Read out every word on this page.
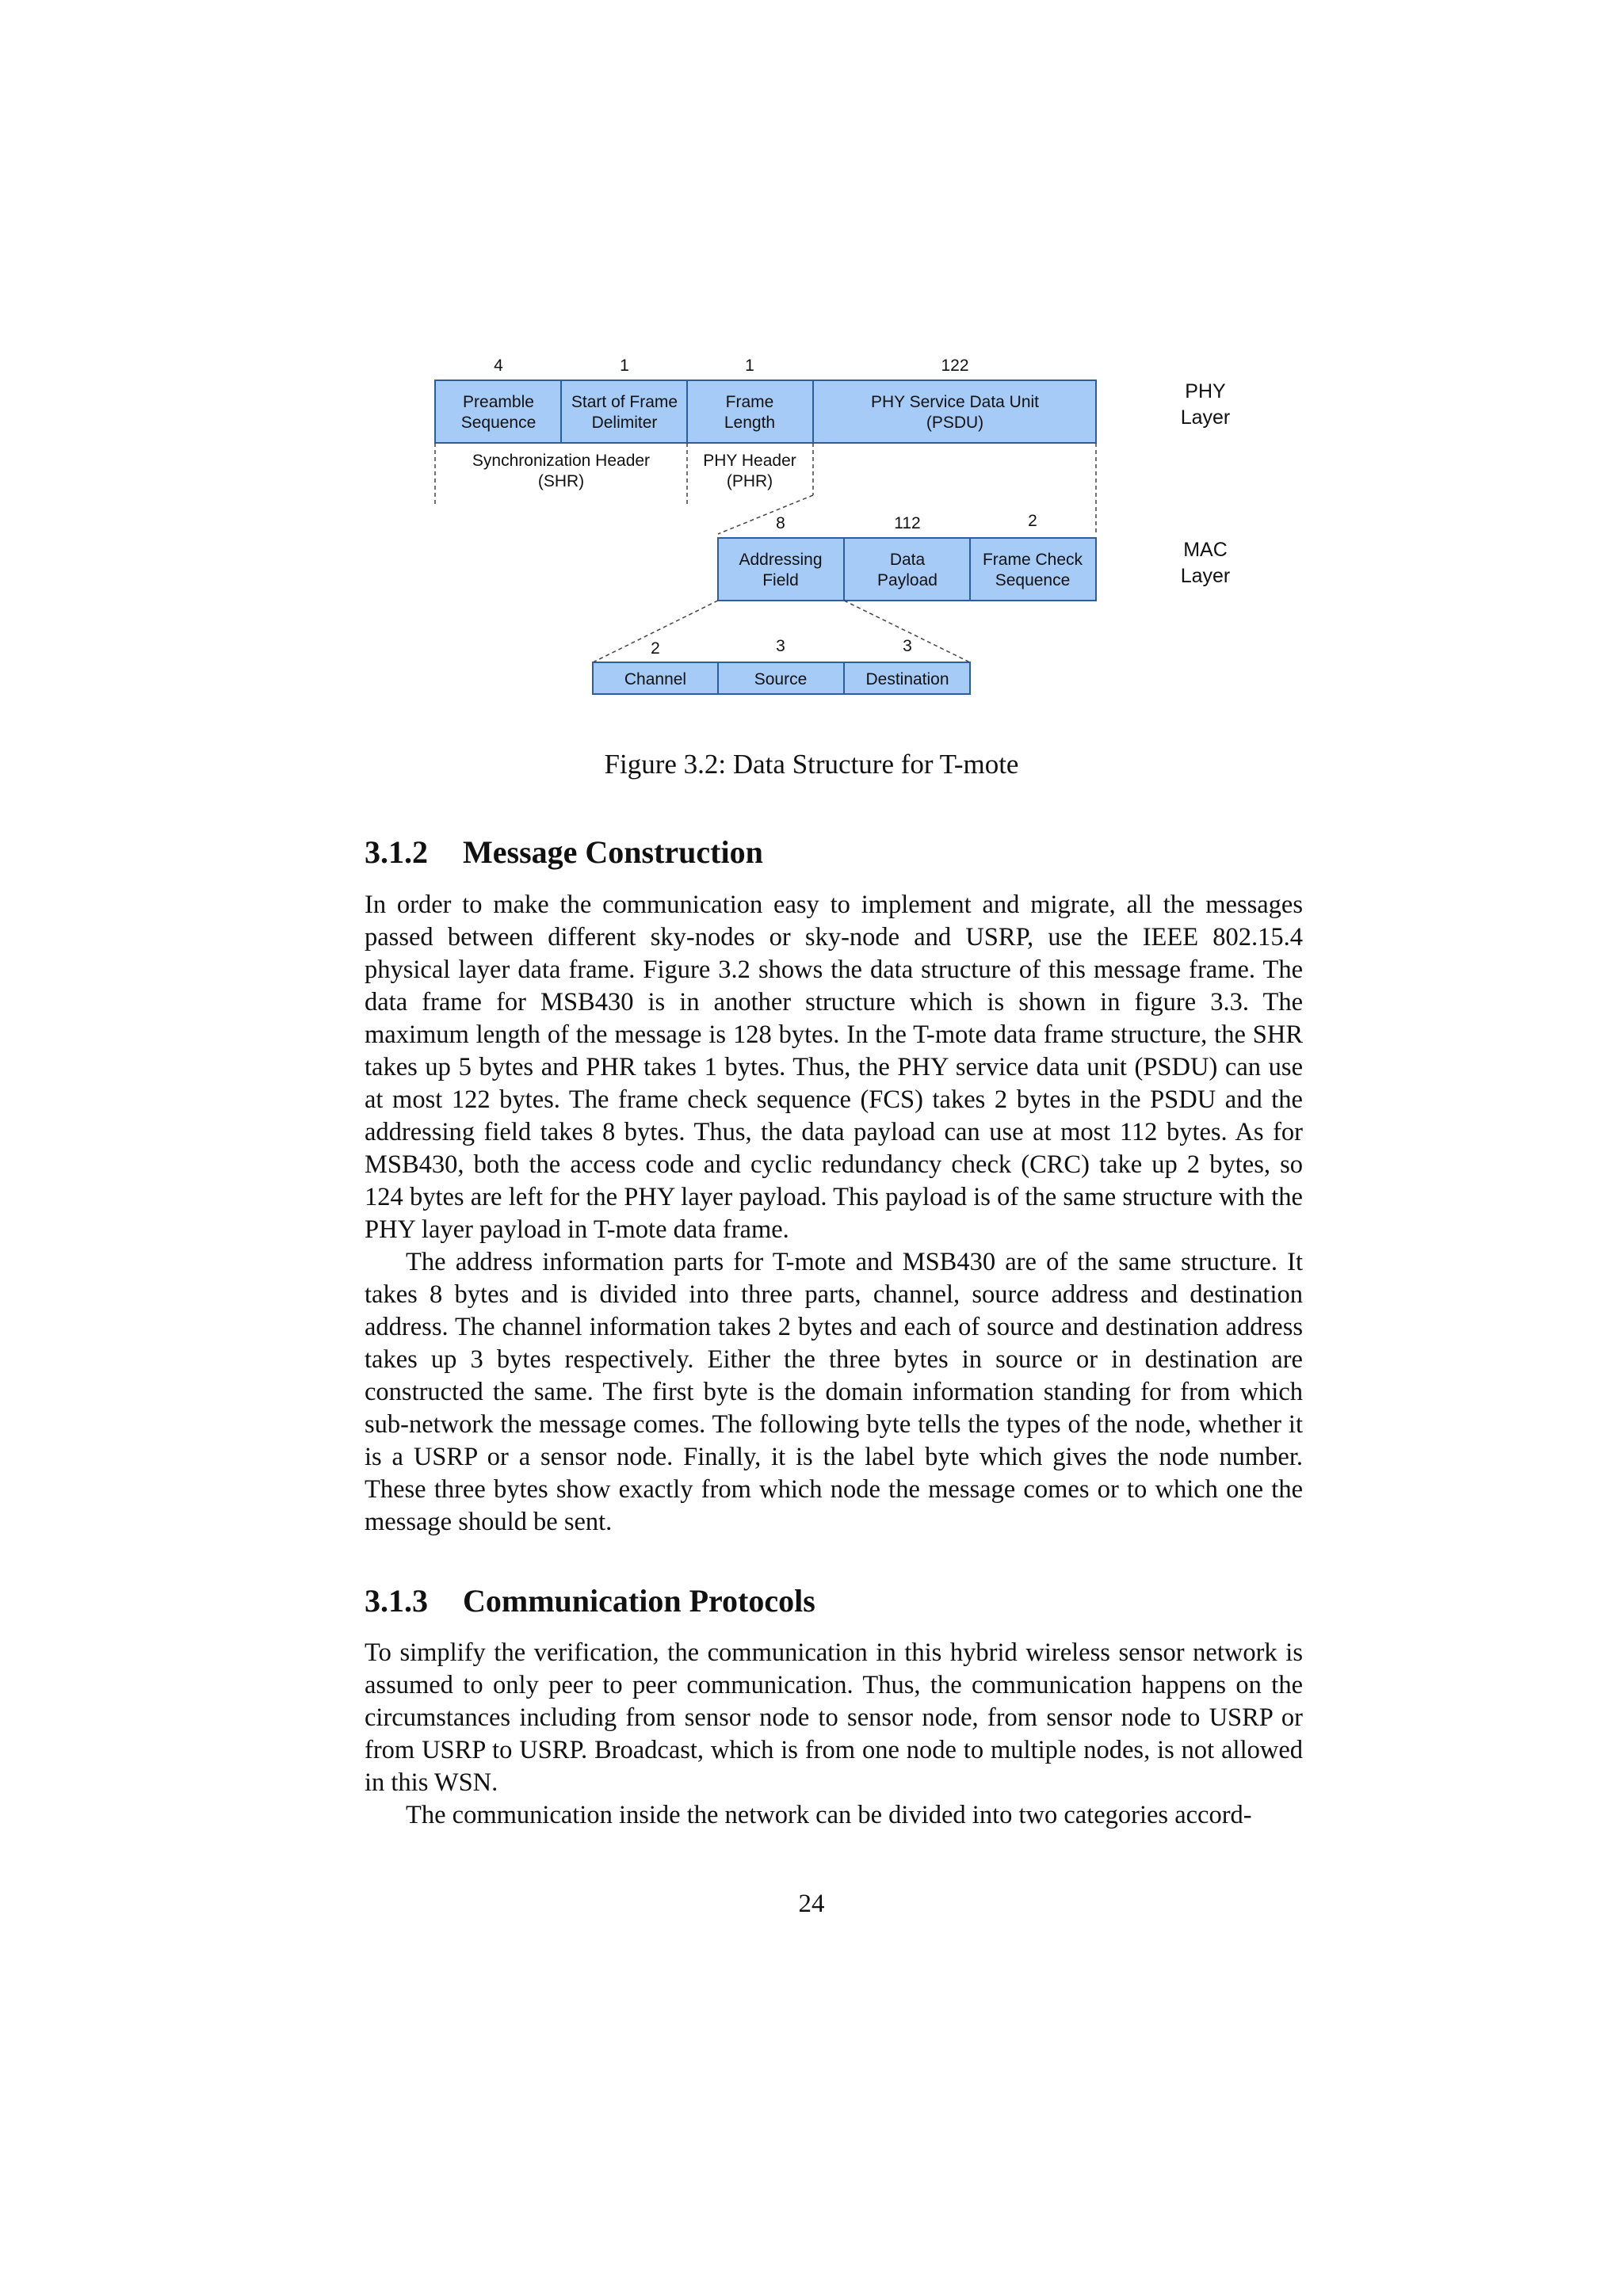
4	1	1	122
Preamble
Sequence
Start of Frame
Delimiter
Frame
Length
PHY Service Data Unit
(PSDU)
PHY
Layer
Synchronization Header
(SHR)
PHY Header
(PHR)
8	112	2
Addressing
Field
Data
Payload
Frame Check
Sequence
MAC
Layer
2	3	3
Channel	Source	Destination
Figure 3.2: Data Structure for T-mote
3.1.2 Message Construction
In order to make the communication easy to implement and migrate, all the messages passed between different sky-nodes or sky-node and USRP, use the IEEE 802.15.4 physical layer data frame. Figure 3.2 shows the data structure of this message frame. The data frame for MSB430 is in another structure which is shown in figure 3.3. The maximum length of the message is 128 bytes. In the T-mote data frame structure, the SHR takes up 5 bytes and PHR takes 1 bytes. Thus, the PHY service data unit (PSDU) can use at most 122 bytes. The frame check sequence (FCS) takes 2 bytes in the PSDU and the addressing field takes 8 bytes. Thus, the data payload can use at most 112 bytes. As for MSB430, both the access code and cyclic redundancy check (CRC) take up 2 bytes, so 124 bytes are left for the PHY layer payload. This payload is of the same structure with the PHY layer payload in T-mote data frame.
The address information parts for T-mote and MSB430 are of the same structure. It takes 8 bytes and is divided into three parts, channel, source address and destination address. The channel information takes 2 bytes and each of source and destination address takes up 3 bytes respectively. Either the three bytes in source or in destination are constructed the same. The first byte is the domain information standing for from which sub-network the message comes. The following byte tells the types of the node, whether it is a USRP or a sensor node. Finally, it is the label byte which gives the node number. These three bytes show exactly from which node the message comes or to which one the message should be sent.
3.1.3 Communication Protocols
To simplify the verification, the communication in this hybrid wireless sensor network is assumed to only peer to peer communication. Thus, the communication happens on the circumstances including from sensor node to sensor node, from sensor node to USRP or from USRP to USRP. Broadcast, which is from one node to multiple nodes, is not allowed in this WSN.
The communication inside the network can be divided into two categories accord-
24
